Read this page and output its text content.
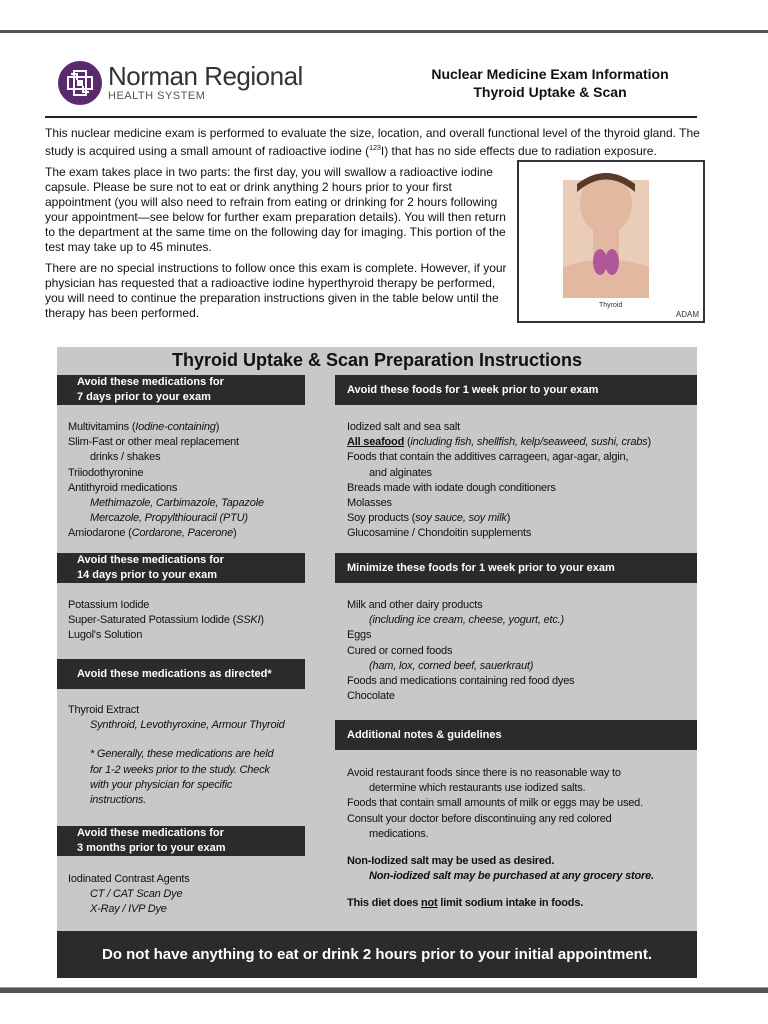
Norman Regional
HEALTH SYSTEM
Nuclear Medicine Exam Information
Thyroid Uptake & Scan
This nuclear medicine exam is performed to evaluate the size, location, and overall functional level of the thyroid gland. The study is acquired using a small amount of radioactive iodine ($^{123}$I) that has no side effects due to radiation exposure.

The exam takes place in two parts: the first day, you will swallow a radioactive iodine capsule. Please be sure not to eat or drink anything 2 hours prior to your first appointment (you will also need to refrain from eating or drinking for 2 hours following your appointment—see below for further exam preparation details). You will then return to the department at the same time on the following day for imaging. This portion of the test may take up to 45 minutes.

There are no special instructions to follow once this exam is complete. However, if your physician has requested that a radioactive iodine hyperthyroid therapy be performed, you will need to continue the preparation instructions given in the table below until the therapy has been performed.

Thyroid
ADAM
Thyroid Uptake & Scan Preparation Instructions
Avoid these medications for
7 days prior to your exam
Multivitamins (Iodine-containing)
Slim-Fast or other meal replacement
drinks / shakes
Triiodothyronine
Antithyroid medications
Methimazole, Carbimazole, Tapazole
Mercazole, Propylthiouracil (PTU)
Amiodarone (Cordarone, Pacerone)
Avoid these medications for
14 days prior to your exam
Potassium Iodide
Super-Saturated Potassium Iodide (SSKI)
Lugol's Solution
Avoid these medications as directed*
Thyroid Extract
Synthroid, Levothyroxine, Armour Thyroid
* Generally, these medications are held
for 1-2 weeks prior to the study. Check
with your physician for specific
instructions.
Avoid these medications for
3 months prior to your exam
Iodinated Contrast Agents
CT / CAT Scan Dye
X-Ray / IVP Dye
Avoid these foods for 1 week prior to your exam
Iodized salt and sea salt
All seafood (including fish, shellfish, kelp/seaweed, sushi, crabs)
Foods that contain the additives carrageen, agar-agar, algin,
and alginates
Breads made with iodate dough conditioners
Molasses
Soy products (soy sauce, soy milk)
Glucosamine / Chondoitin supplements
Minimize these foods for 1 week prior to your exam
Milk and other dairy products
(including ice cream, cheese, yogurt, etc.)
Eggs
Cured or corned foods
(ham, lox, corned beef, sauerkraut)
Foods and medications containing red food dyes
Chocolate
Additional notes & guidelines
Avoid restaurant foods since there is no reasonable way to
determine which restaurants use iodized salts.
Foods that contain small amounts of milk or eggs may be used.
Consult your doctor before discontinuing any red colored
medications.
Non-Iodized salt may be used as desired.
Non-iodized salt may be purchased at any grocery store.
This diet does not limit sodium intake in foods.
Do not have anything to eat or drink 2 hours prior to your initial appointment.
